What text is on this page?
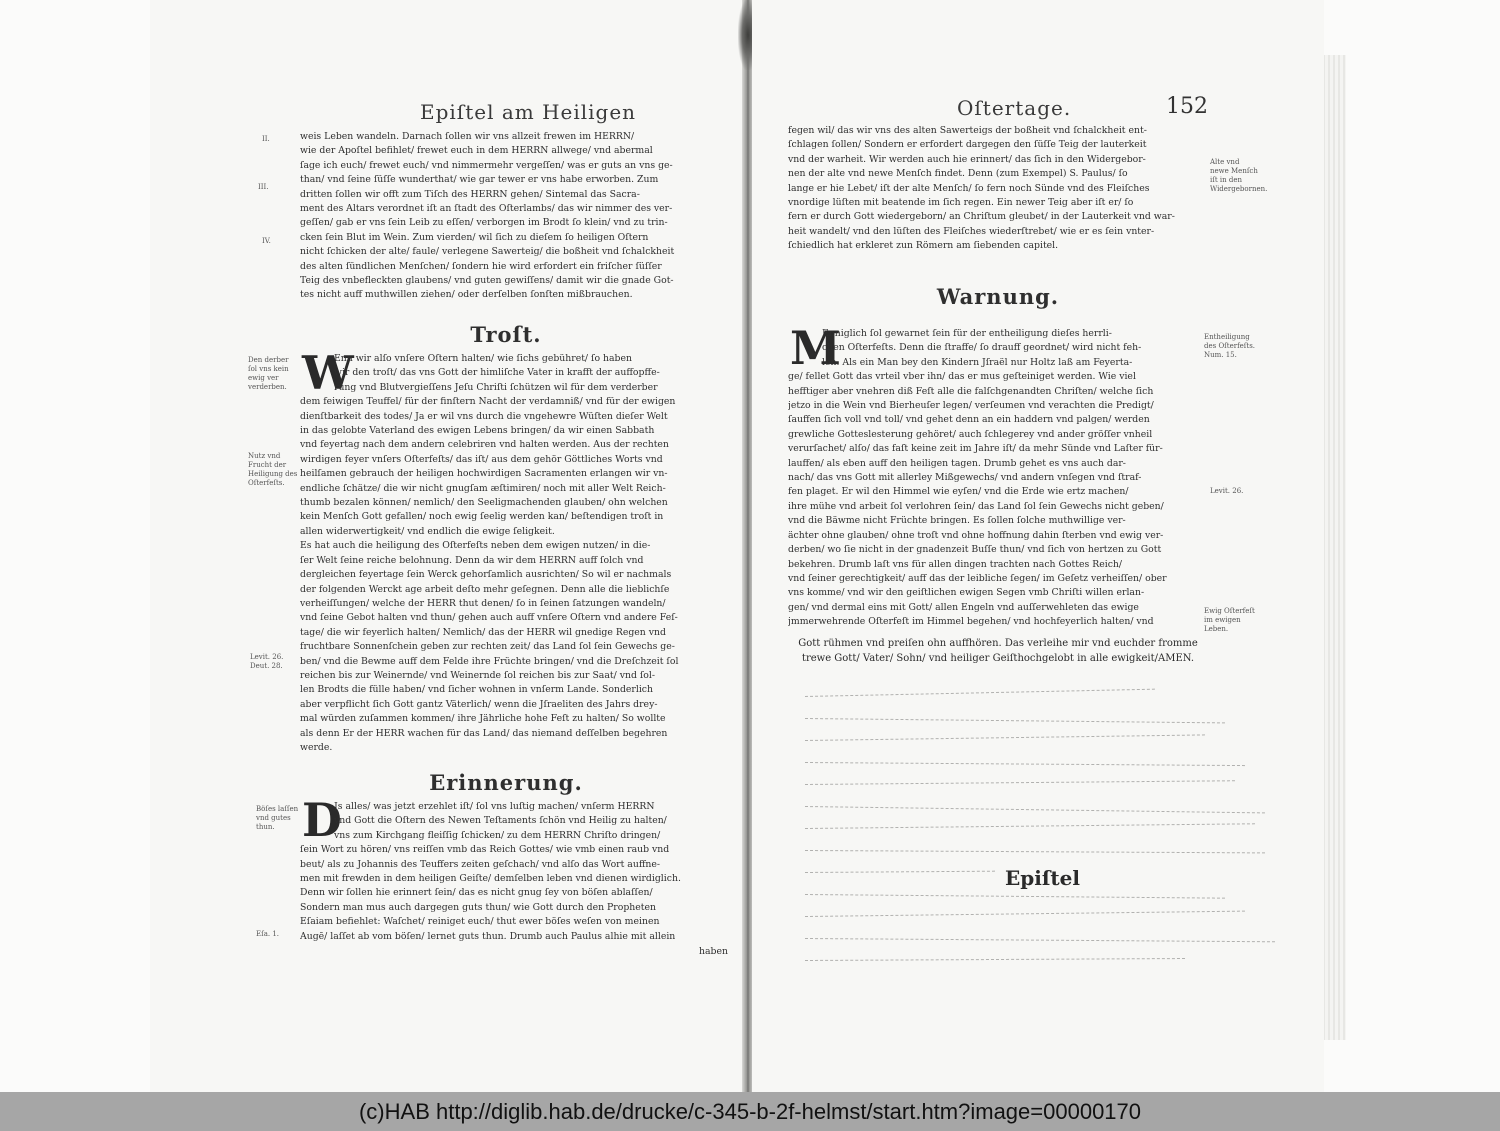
Epiſtel am Heiligen
II.
III.
IV.
weis Leben wandeln. Darnach ſollen wir vns allzeit frewen im HERRN/
wie der Apoſtel befihlet/ frewet euch in dem HERRN allwege/ vnd abermal
ſage ich euch/ frewet euch/ vnd nimmermehr vergeſſen/ was er guts an vns ge-
than/ vnd ſeine ſüſſe wunderthat/ wie gar tewer er vns habe erworben. Zum
dritten ſollen wir offt zum Tiſch des HERRN gehen/ Sintemal das Sacra-
ment des Altars verordnet iſt an ſtadt des Oſterlambs/ das wir nimmer des ver-
geſſen/ gab er vns ſein Leib zu eſſen/ verborgen im Brodt ſo klein/ vnd zu trin-
cken ſein Blut im Wein. Zum vierden/ wil ſich zu dieſem ſo heiligen Oſtern
nicht ſchicken der alte/ faule/ verlegene Sawerteig/ die boßheit vnd ſchalckheit
des alten ſündlichen Menſchen/ ſondern hie wird erfordert ein friſcher ſüſſer
Teig des vnbefleckten glaubens/ vnd guten gewiſſens/ damit wir die gnade Got-
tes nicht auff muthwillen ziehen/ oder derſelben ſonſten mißbrauchen.
Troſt.
W
Enn wir alſo vnſere Oſtern halten/ wie ſichs gebühret/ ſo haben
wir den troſt/ das vns Gott der himliſche Vater in krafft der auffopffe-
rung vnd Blutvergieſſens Jeſu Chriſti ſchützen wil für dem verderber
dem feiwigen Teuffel/ für der finſtern Nacht der verdamniß/ vnd für der ewigen
dienſtbarkeit des todes/ Ja er wil vns durch die vngehewre Wüſten dieſer Welt
in das gelobte Vaterland des ewigen Lebens bringen/ da wir einen Sabbath
vnd feyertag nach dem andern celebriren vnd halten werden. Aus der rechten
wirdigen feyer vnſers Oſterfeſts/ das iſt/ aus dem gehör Göttliches Worts vnd
heilſamen gebrauch der heiligen hochwirdigen Sacramenten erlangen wir vn-
endliche ſchätze/ die wir nicht gnugſam æſtimiren/ noch mit aller Welt Reich-
thumb bezalen können/ nemlich/ den Seeligmachenden glauben/ ohn welchen
kein Menſch Gott gefallen/ noch ewig ſeelig werden kan/ beſtendigen troſt in
allen widerwertigkeit/ vnd endlich die ewige ſeligkeit.
Es hat auch die heiligung des Oſterfeſts neben dem ewigen nutzen/ in die-
ſer Welt ſeine reiche belohnung. Denn da wir dem HERRN auff ſolch vnd
dergleichen feyertage ſein Werck gehorſamlich ausrichten/ So wil er nachmals
der folgenden Werckt age arbeit deſto mehr geſegnen. Denn alle die lieblichſe
verheiſſungen/ welche der HERR thut denen/ ſo in ſeinen ſatzungen wandeln/
vnd ſeine Gebot halten vnd thun/ gehen auch auff vnſere Oſtern vnd andere Feſ-
tage/ die wir feyerlich halten/ Nemlich/ das der HERR wil gnedige Regen vnd
fruchtbare Sonnenſchein geben zur rechten zeit/ das Land ſol ſein Gewechs ge-
ben/ vnd die Bewme auff dem Felde ihre Früchte bringen/ vnd die Dreſchzeit ſol
reichen bis zur Weinernde/ vnd Weinernde ſol reichen bis zur Saat/ vnd ſol-
len Brodts die fülle haben/ vnd ſicher wohnen in vnſerm Lande. Sonderlich
aber verpflicht ſich Gott gantz Väterlich/ wenn die Jſraeliten des Jahrs drey-
mal würden zuſammen kommen/ ihre Jährliche hohe Feſt zu halten/ So wollte
als denn Er der HERR wachen für das Land/ das niemand deſſelben begehren
werde.
Den derber ſol vns kein ewig ver verderben.
Nutz vnd Frucht der Heiligung des Oſterfeſts.
Levit. 26. Deut. 28.
Erinnerung.
D
Js alles/ was jetzt erzehlet iſt/ ſol vns luſtig machen/ vnſerm HERRN
vnd Gott die Oſtern des Newen Teſtaments ſchön vnd Heilig zu halten/
vns zum Kirchgang fleiſſig ſchicken/ zu dem HERRN Chriſto dringen/
ſein Wort zu hören/ vns reiſſen vmb das Reich Gottes/ wie vmb einen raub vnd
beut/ als zu Johannis des Teuffers zeiten geſchach/ vnd alſo das Wort auffne-
men mit frewden in dem heiligen Geiſte/ demſelben leben vnd dienen wirdiglich.
Denn wir ſollen hie erinnert ſein/ das es nicht gnug ſey von böſen ablaſſen/
Sondern man mus auch dargegen guts thun/ wie Gott durch den Propheten
Eſaiam befiehlet: Waſchet/ reiniget euch/ thut ewer böſes weſen von meinen
Augē/ laſſet ab vom böſen/ lernet guts thun. Drumb auch Paulus alhie mit allein
Böſes laſſen vnd gutes thun.
Eſa. 1.
haben
Oſtertage.	152
fegen wil/ das wir vns des alten Sawerteigs der boßheit vnd ſchalckheit ent-
ſchlagen ſollen/ Sondern er erfordert dargegen den ſüſſe Teig der lauterkeit
vnd der warheit. Wir werden auch hie erinnert/ das ſich in den Widergebor-
nen der alte vnd newe Menſch findet. Denn (zum Exempel) S. Paulus/ ſo
lange er hie Lebet/ iſt der alte Menſch/ ſo fern noch Sünde vnd des Fleiſches
vnordige lüſten mit beatende im ſich regen. Ein newer Teig aber iſt er/ ſo
fern er durch Gott wiedergeborn/ an Chriſtum gleubet/ in der Lauterkeit vnd war-
heit wandelt/ vnd den lüſten des Fleiſches wiederſtrebet/ wie er es ſein vnter-
ſchiedlich hat erkleret zun Römern am ſiebenden capitel.
Alte vnd newe Menſch iſt in den Widergebornen.
Warnung.
M
Enniglich ſol gewarnet ſein für der entheiligung dieſes herrli-
chen Oſterfeſts. Denn die ſtraffe/ ſo drauff geordnet/ wird nicht feh-
len. Als ein Man bey den Kindern Jſraël nur Holtz laß am Feyerta-
ge/ fellet Gott das vrteil vber ihn/ das er mus geſteiniget werden. Wie viel
hefftiger aber vnehren diß Feſt alle die falſchgenandten Chriſten/ welche ſich
jetzo in die Wein vnd Bierheuſer legen/ verſeumen vnd verachten die Predigt/
ſauffen ſich voll vnd toll/ vnd gehet denn an ein haddern vnd palgen/ werden
grewliche Gotteslesterung gehöret/ auch ſchlegerey vnd ander gröſſer vnheil
verurſachet/ alſo/ das faſt keine zeit im Jahre iſt/ da mehr Sünde vnd Laſter für-
lauffen/ als eben auff den heiligen tagen. Drumb gehet es vns auch dar-
nach/ das vns Gott mit allerley Mißgewechs/ vnd andern vnſegen vnd ſtraf-
fen plaget. Er wil den Himmel wie eyſen/ vnd die Erde wie ertz machen/
ihre mühe vnd arbeit ſol verlohren ſein/ das Land ſol ſein Gewechs nicht geben/
vnd die Bäwme nicht Früchte bringen. Es ſollen ſolche muthwillige ver-
ächter ohne glauben/ ohne troſt vnd ohne hoffnung dahin ſterben vnd ewig ver-
derben/ wo ſie nicht in der gnadenzeit Buſſe thun/ vnd ſich von hertzen zu Gott
bekehren. Drumb laſt vns für allen dingen trachten nach Gottes Reich/
vnd ſeiner gerechtigkeit/ auff das der leibliche ſegen/ im Geſetz verheiſſen/ ober
vns komme/ vnd wir den geiſtlichen ewigen Segen vmb Chriſti willen erlan-
gen/ vnd dermal eins mit Gott/ allen Engeln vnd auſſerwehleten das ewige
jmmerwehrende Oſterfeſt im Himmel begehen/ vnd hochfeyerlich halten/ vnd
Entheiligung des Oſterfeſts. Num. 15.
Levit. 26.
Ewig Oſterfeſt im ewigen Leben.
Gott rühmen vnd preiſen ohn auffhören. Das verleihe mir vnd euchder fromme trewe Gott/ Vater/ Sohn/ vnd heiliger Geiſthochgelobt in alle ewigkeit/AMEN.
Epiſtel
(c)HAB http://diglib.hab.de/drucke/c-345-b-2f-helmst/start.htm?image=00000170
